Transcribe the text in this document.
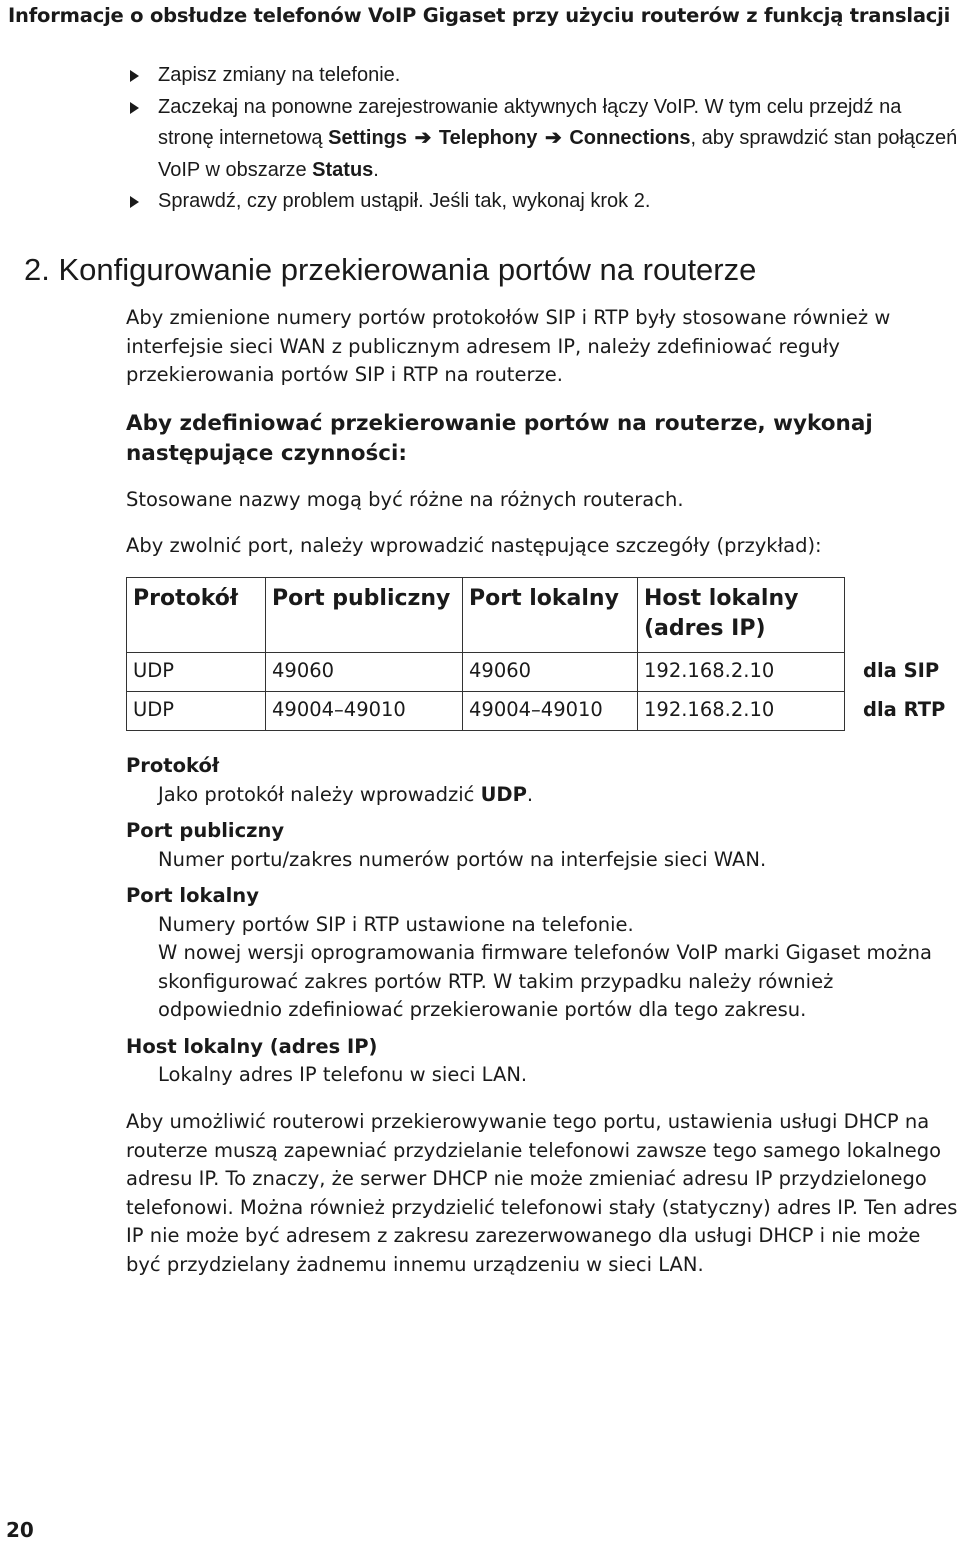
Informacje o obsłudze telefonów VoIP Gigaset przy użyciu routerów z funkcją translacji
Zapisz zmiany na telefonie.
Zaczekaj na ponowne zarejestrowanie aktywnych łączy VoIP. W tym celu przejdź na stronę internetową Settings ➔ Telephony ➔ Connections, aby sprawdzić stan połączeń VoIP w obszarze Status.
Sprawdź, czy problem ustąpił. Jeśli tak, wykonaj krok 2.
2. Konfigurowanie przekierowania portów na routerze
Aby zmienione numery portów protokołów SIP i RTP były stosowane również w interfejsie sieci WAN z publicznym adresem IP, należy zdefiniować reguły przekierowania portów SIP i RTP na routerze.
Aby zdefiniować przekierowanie portów na routerze, wykonaj następujące czynności:
Stosowane nazwy mogą być różne na różnych routerach.
Aby zwolnić port, należy wprowadzić następujące szczegóły (przykład):
Protokół	Port publiczny	Port lokalny	Host lokalny (adres IP)	
UDP	49060	49060	192.168.2.10	dla SIP
UDP	49004–49010	49004–49010	192.168.2.10	dla RTP
Protokół
Jako protokół należy wprowadzić UDP.
Port publiczny
Numer portu/zakres numerów portów na interfejsie sieci WAN.
Port lokalny
Numery portów SIP i RTP ustawione na telefonie.
W nowej wersji oprogramowania firmware telefonów VoIP marki Gigaset można skonfigurować zakres portów RTP. W takim przypadku należy również odpowiednio zdefiniować przekierowanie portów dla tego zakresu.
Host lokalny (adres IP)
Lokalny adres IP telefonu w sieci LAN.
Aby umożliwić routerowi przekierowywanie tego portu, ustawienia usługi DHCP na routerze muszą zapewniać przydzielanie telefonowi zawsze tego samego lokalnego adresu IP. To znaczy, że serwer DHCP nie może zmieniać adresu IP przydzielonego telefonowi. Można również przydzielić telefonowi stały (statyczny) adres IP. Ten adres IP nie może być adresem z zakresu zarezerwowanego dla usługi DHCP i nie może być przydzielany żadnemu innemu urządzeniu w sieci LAN.
20
